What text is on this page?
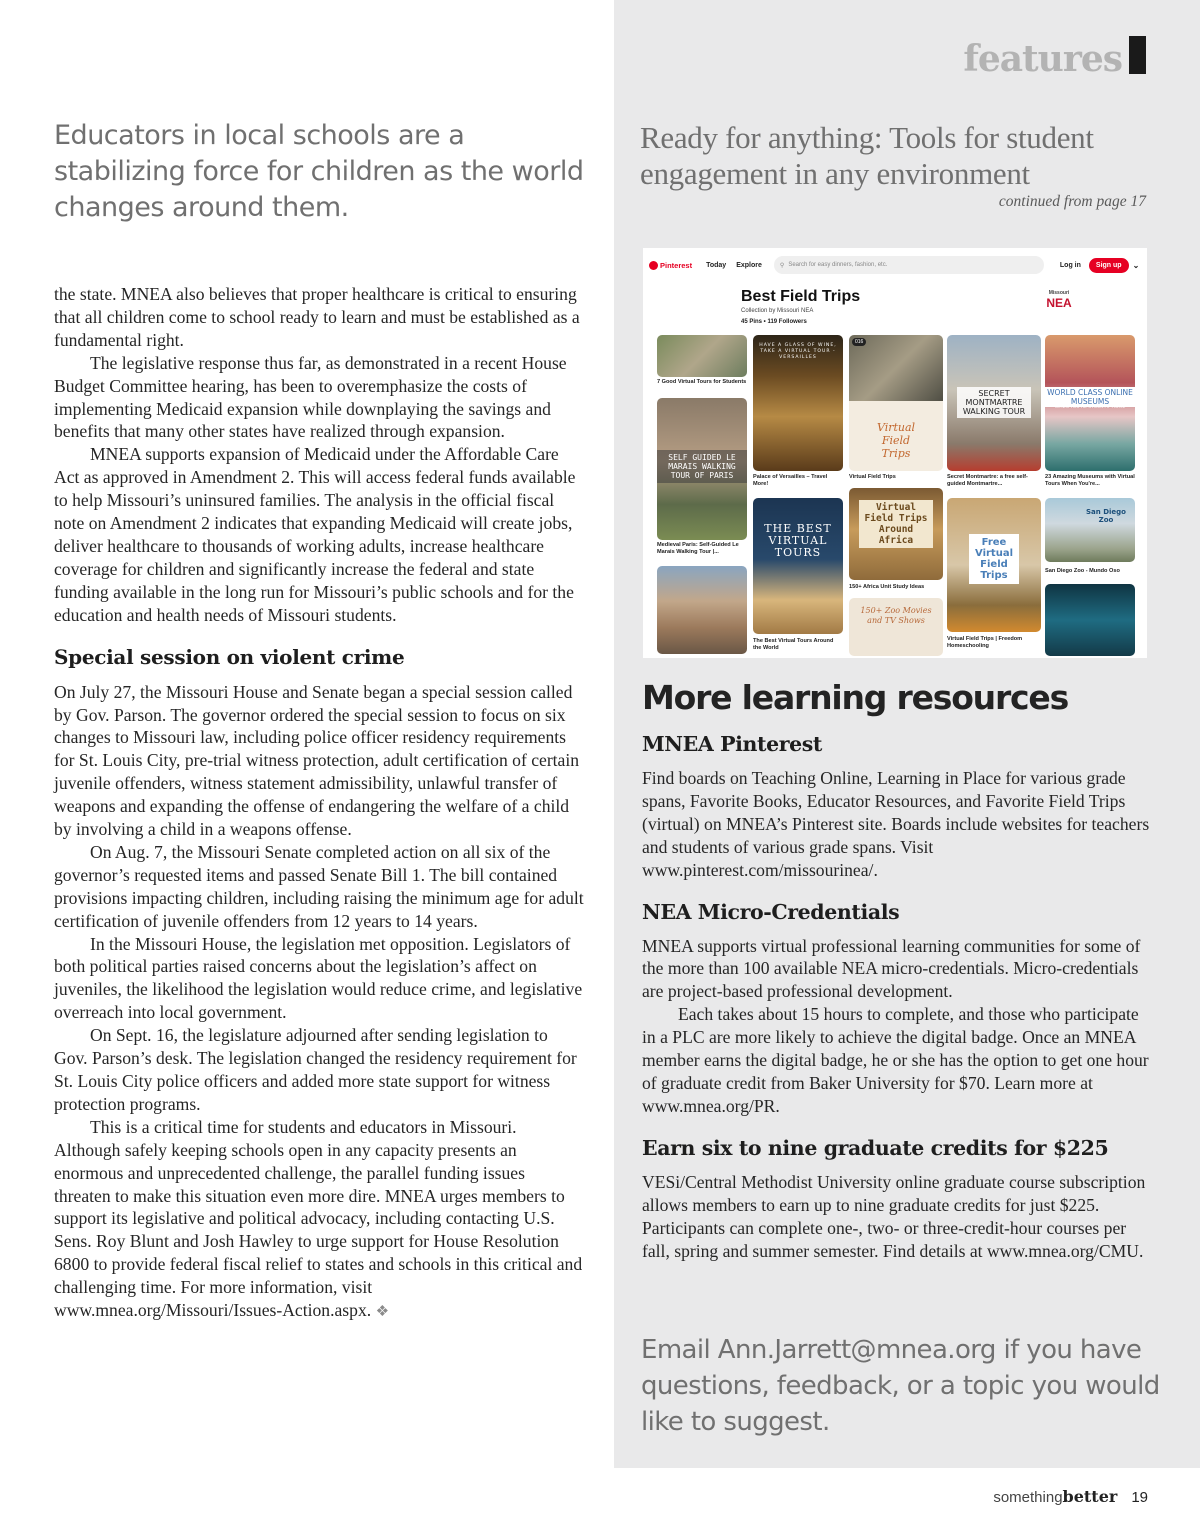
features
Educators in local schools are a stabilizing force for children as the world changes around them.

the state. MNEA also believes that proper healthcare is critical to ensuring that all children come to school ready to learn and must be established as a fundamental right.

The legislative response thus far, as demonstrated in a recent House Budget Committee hearing, has been to overemphasize the costs of implementing Medicaid expansion while downplaying the savings and benefits that many other states have realized through expansion.

MNEA supports expansion of Medicaid under the Affordable Care Act as approved in Amendment 2. This will access federal funds available to help Missouri’s uninsured families. The analysis in the official fiscal note on Amendment 2 indicates that expanding Medicaid will create jobs, deliver healthcare to thousands of working adults, increase healthcare coverage for children and significantly increase the federal and state funding available in the long run for Missouri’s public schools and for the education and health needs of Missouri students.

Special session on violent crime

On July 27, the Missouri House and Senate began a special session called by Gov. Parson. The governor ordered the special session to focus on six changes to Missouri law, including police officer residency requirements for St. Louis City, pre-trial witness protection, adult certification of certain juvenile offenders, witness statement admissibility, unlawful transfer of weapons and expanding the offense of endangering the welfare of a child by involving a child in a weapons offense.

On Aug. 7, the Missouri Senate completed action on all six of the governor’s requested items and passed Senate Bill 1. The bill contained provisions impacting children, including raising the minimum age for adult certification of juvenile offenders from 12 years to 14 years.

In the Missouri House, the legislation met opposition. Legislators of both political parties raised concerns about the legislation’s affect on juveniles, the likelihood the legislation would reduce crime, and legislative overreach into local government.

On Sept. 16, the legislature adjourned after sending legislation to Gov. Parson’s desk. The legislation changed the residency requirement for St. Louis City police officers and added more state support for witness protection programs.

This is a critical time for students and educators in Missouri. Although safely keeping schools open in any capacity presents an enormous and unprecedented challenge, the parallel funding issues threaten to make this situation even more dire. MNEA urges members to support its legislative and political advocacy, including contacting U.S. Sens. Roy Blunt and Josh Hawley to urge support for House Resolution 6800 to provide federal fiscal relief to states and schools in this critical and challenging time. For more information, visit www.mnea.org/Missouri/Issues-Action.aspx. ❖

Ready for anything: Tools for student engagement in any environment
continued from page 17
Pinterest Today Explore	⚲ Search for easy dinners, fashion, etc.	Log in	Sign up	⌄
Best Field Trips
Collection by Missouri NEA
45 Pins • 119 Followers
Missouri
NEA
7 Good Virtual Tours for Students
SELF GUIDED LE MARAIS WALKING TOUR OF PARIS
Medieval Paris: Self-Guided Le Marais Walking Tour |...
HAVE A GLASS OF WINE, TAKE A VIRTUAL TOUR - VERSAILLES
Palace of Versailles – Travel More!
THE BEST VIRTUAL TOURS
The Best Virtual Tours Around the World
016
Virtual Field Trips
Virtual Field Trips
Virtual Field Trips Around Africa
150+ Africa Unit Study Ideas
150+ Zoo Movies and TV Shows
SECRET MONTMARTRE WALKING TOUR
Secret Montmartre: a free self-guided Montmartre...
Free Virtual Field Trips
Virtual Field Trips | Freedom Homeschooling
WORLD CLASS ONLINE MUSEUMS
WHEN YOU'RE STUCK AT HOME
23 Amazing Museums with Virtual Tours When You're...
San Diego Zoo
San Diego Zoo - Mundo Oso
More learning resources
MNEA Pinterest

Find boards on Teaching Online, Learning in Place for various grade spans, Favorite Books, Educator Resources, and Favorite Field Trips (virtual) on MNEA’s Pinterest site. Boards include websites for teachers and students of various grade spans. Visit www.pinterest.com/missourinea/.

NEA Micro-Credentials

MNEA supports virtual professional learning communities for some of the more than 100 available NEA micro-credentials. Micro-credentials are project-based professional development.

Each takes about 15 hours to complete, and those who participate in a PLC are more likely to achieve the digital badge. Once an MNEA member earns the digital badge, he or she has the option to get one hour of graduate credit from Baker University for $70. Learn more at www.mnea.org/PR.

Earn six to nine graduate credits for $225

VESi/Central Methodist University online graduate course subscription allows members to earn up to nine graduate credits for just $225. Participants can complete one-, two- or three-credit-hour courses per fall, spring and summer semester. Find details at www.mnea.org/CMU.

Email Ann.Jarrett@mnea.org if you have questions, feedback, or a topic you would like to suggest.
somethingbetter 19
